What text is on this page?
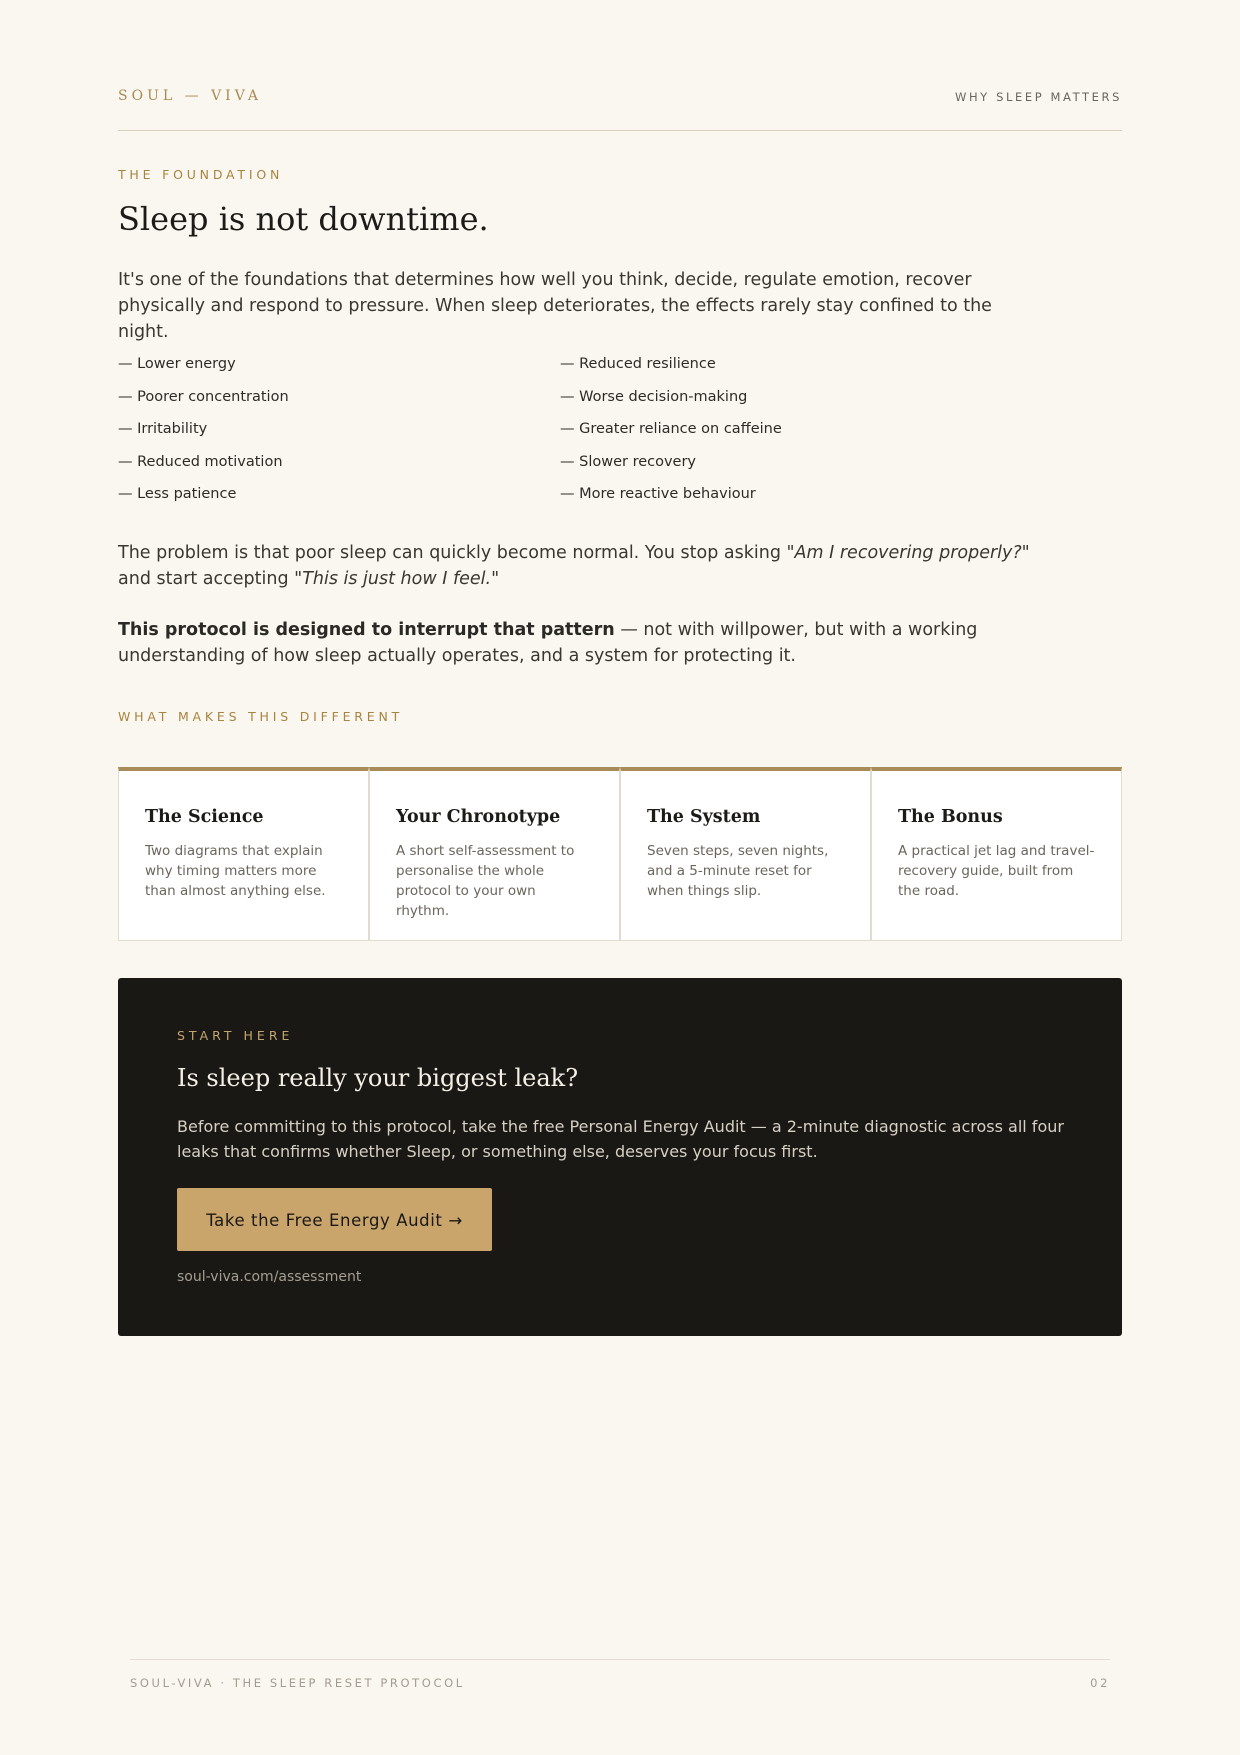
SOUL — VIVA	WHY SLEEP MATTERS
THE FOUNDATION
Sleep is not downtime.

It's one of the foundations that determines how well you think, decide, regulate emotion, recover physically and respond to pressure. When sleep deteriorates, the effects rarely stay confined to the night.

— Lower energy
— Poorer concentration
— Irritability
— Reduced motivation
— Less patience
— Reduced resilience
— Worse decision-making
— Greater reliance on caffeine
— Slower recovery
— More reactive behaviour

The problem is that poor sleep can quickly become normal. You stop asking "Am I recovering properly?" and start accepting "This is just how I feel."

This protocol is designed to interrupt that pattern — not with willpower, but with a working understanding of how sleep actually operates, and a system for protecting it.

WHAT MAKES THIS DIFFERENT
The Science

Two diagrams that explain why timing matters more than almost anything else.

Your Chronotype

A short self-assessment to personalise the whole protocol to your own rhythm.

The System

Seven steps, seven nights, and a 5-minute reset for when things slip.

The Bonus

A practical jet lag and travel-recovery guide, built from the road.

START HERE
Is sleep really your biggest leak?

Before committing to this protocol, take the free Personal Energy Audit — a 2-minute diagnostic across all four leaks that confirms whether Sleep, or something else, deserves your focus first.

Take the Free Energy Audit →
soul-viva.com/assessment
SOUL-VIVA · THE SLEEP RESET PROTOCOL	02
